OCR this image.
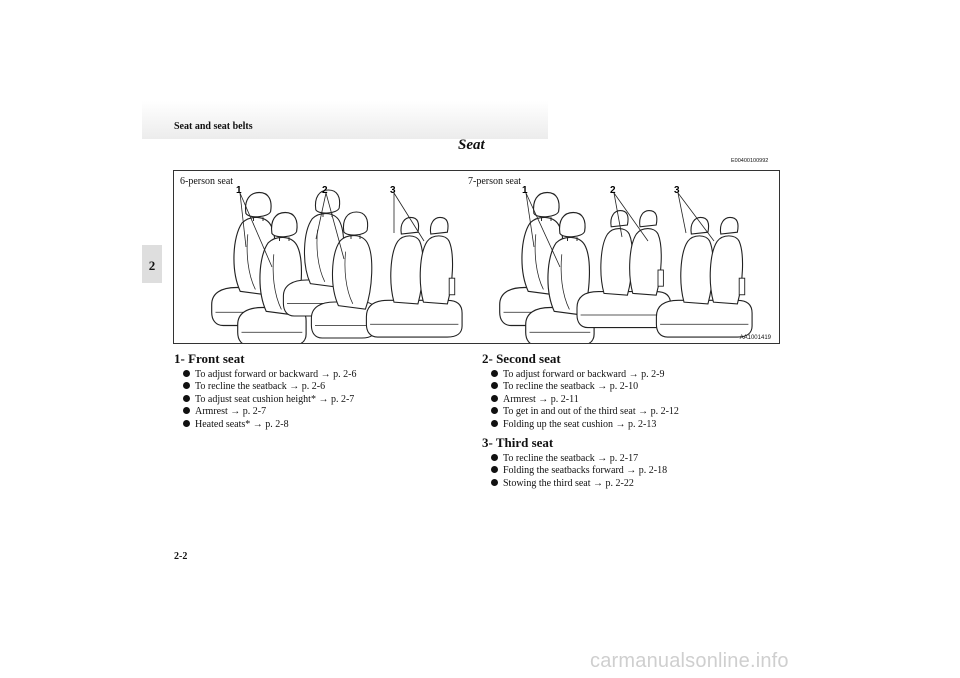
Seat and seat belts
2
Seat
E00400100992
6-person seat	7-person seat
1	2	3	1	2	3
AA1001419
1- Front seat
To adjust forward or backward → p. 2-6
To recline the seatback → p. 2-6
To adjust seat cushion height* → p. 2-7
Armrest → p. 2-7
Heated seats* → p. 2-8
2- Second seat
To adjust forward or backward → p. 2-9
To recline the seatback → p. 2-10
Armrest → p. 2-11
To get in and out of the third seat → p. 2-12
Folding up the seat cushion → p. 2-13
3- Third seat
To recline the seatback → p. 2-17
Folding the seatbacks forward → p. 2-18
Stowing the third seat → p. 2-22
2-2
carmanualsonline.info
